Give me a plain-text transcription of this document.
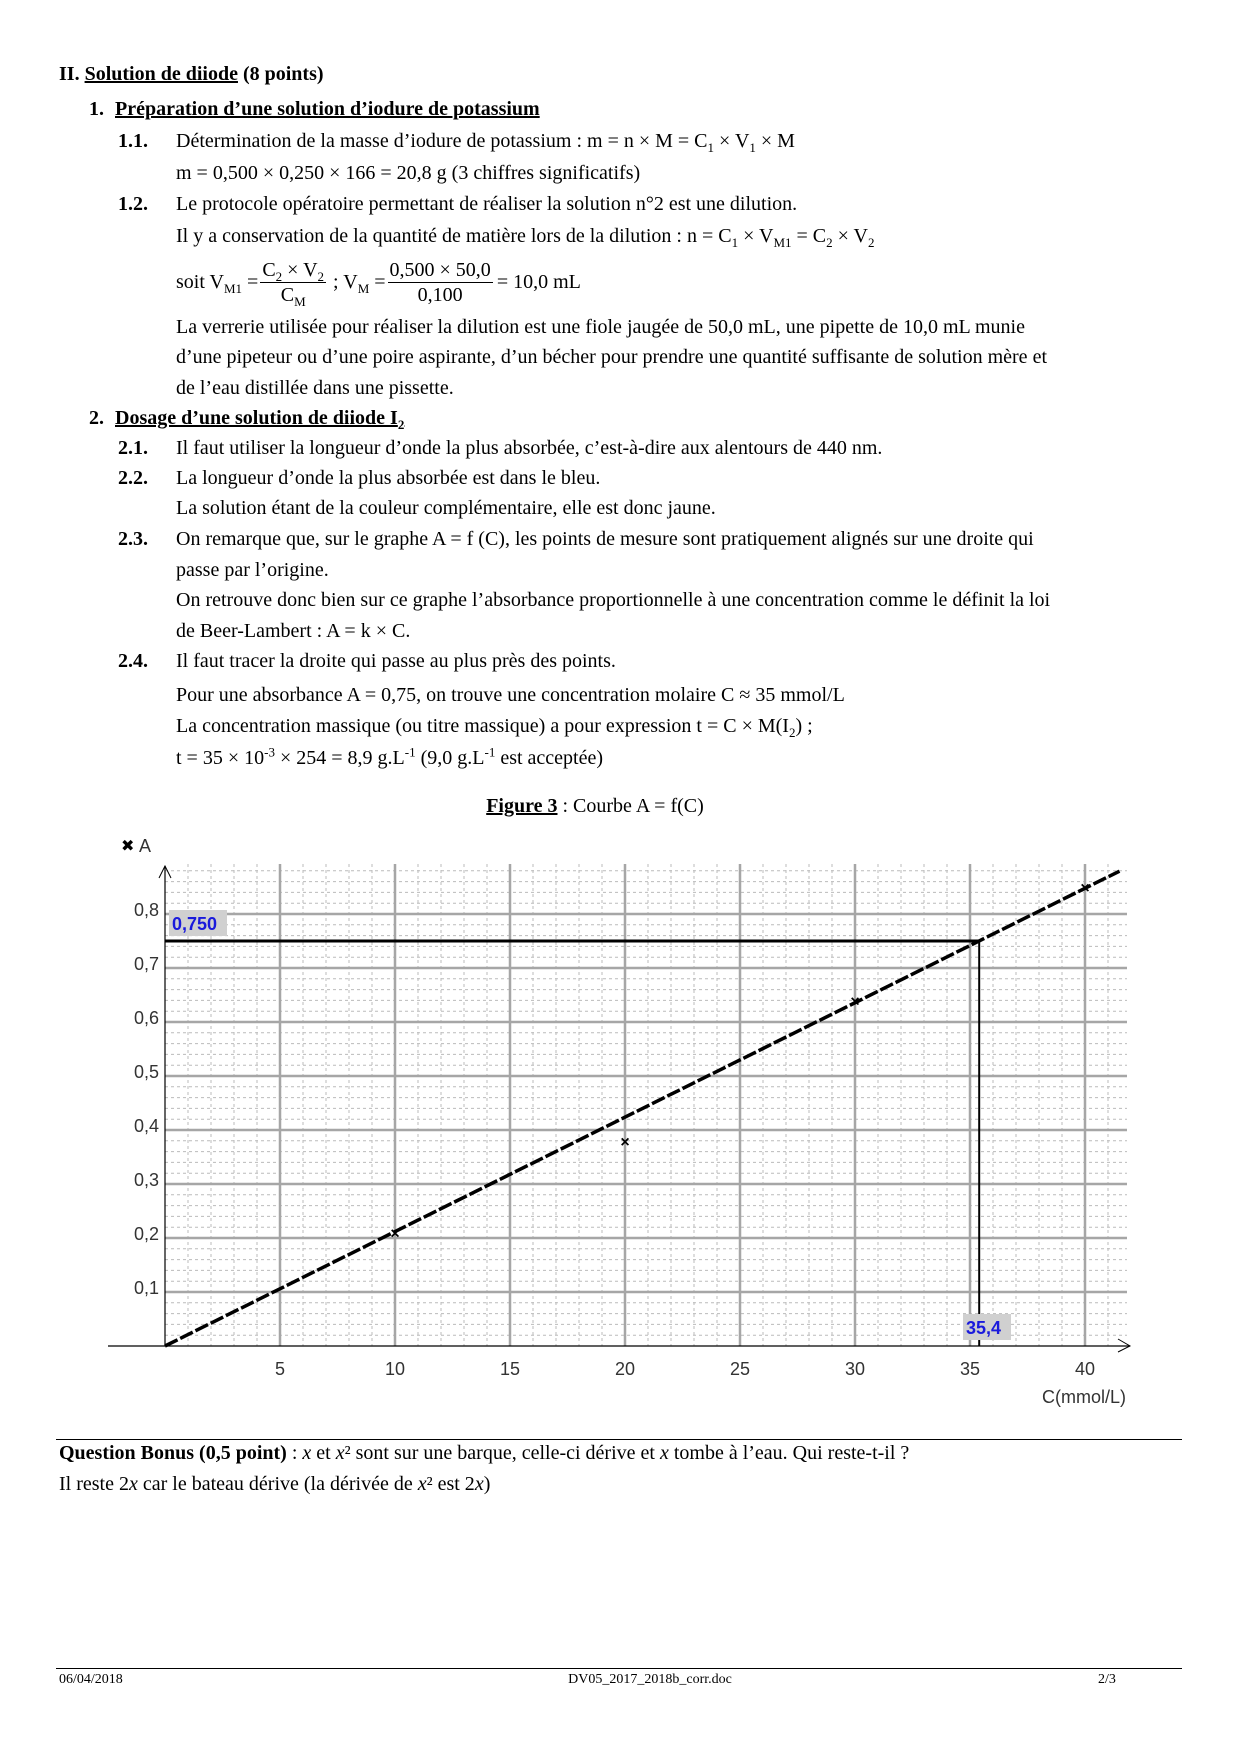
II. Solution de diiode (8 points)
1. Préparation d’une solution d’iodure de potassium
1.1. Détermination de la masse d’iodure de potassium : $m = n \times M = C_1 \times V_1 \times M$
m = 0,500 × 0,250 × 166 = 20,8 g (3 chiffres significatifs)
1.2. Le protocole opératoire permettant de réaliser la solution n°2 est une dilution.
Il y a conservation de la quantité de matière lors de la dilution : $n = C_1 \times V_{M1} = C_2 \times V_2$
soit $V_{M1} = \frac{C_2 \times V_2}{C_M}$ ; $V_M = \frac{0,500 \times 50,0}{0,100} = 10,0$ mL
La verrerie utilisée pour réaliser la dilution est une fiole jaugée de 50,0 mL, une pipette de 10,0 mL munie
d’une pipeteur ou d’une poire aspirante, d’un bécher pour prendre une quantité suffisante de solution mère et
de l’eau distillée dans une pissette.
2. Dosage d’une solution de diiode $I_2$
2.1. Il faut utiliser la longueur d’onde la plus absorbée, c’est-à-dire aux alentours de 440 nm.
2.2. La longueur d’onde la plus absorbée est dans le bleu.
La solution étant de la couleur complémentaire, elle est donc jaune.
2.3. On remarque que, sur le graphe A = f (C), les points de mesure sont pratiquement alignés sur une droite qui
passe par l’origine.
On retrouve donc bien sur ce graphe l’absorbance proportionnelle à une concentration comme le définit la loi
de Beer-Lambert : A = k × C.
2.4. Il faut tracer la droite qui passe au plus près des points.
Pour une absorbance A = 0,75, on trouve une concentration molaire C ≈ 35 mmol/L
La concentration massique (ou titre massique) a pour expression $t = C \times M(I_2)$ ;
$t = 35 \times 10^{-3} \times 254 = 8,9$ $g.L^{-1}$ (9,0 $g.L^{-1}$ est acceptée)
Figure 3 : Courbe A = f(C)
5	10	15	20	25	30	35	40
0,1
0,2
0,3
0,4
0,5
0,6
0,7
0,8
C(mmol/L)
✖ A
0,750
35,4
×
×
×
×
Question Bonus (0,5 point) : x et x² sont sur une barque, celle-ci dérive et x tombe à l’eau. Qui reste-t-il ?
Il reste 2x car le bateau dérive (la dérivée de x² est 2x)
06/04/2018	DV05_2017_2018b_corr.doc	2/3
